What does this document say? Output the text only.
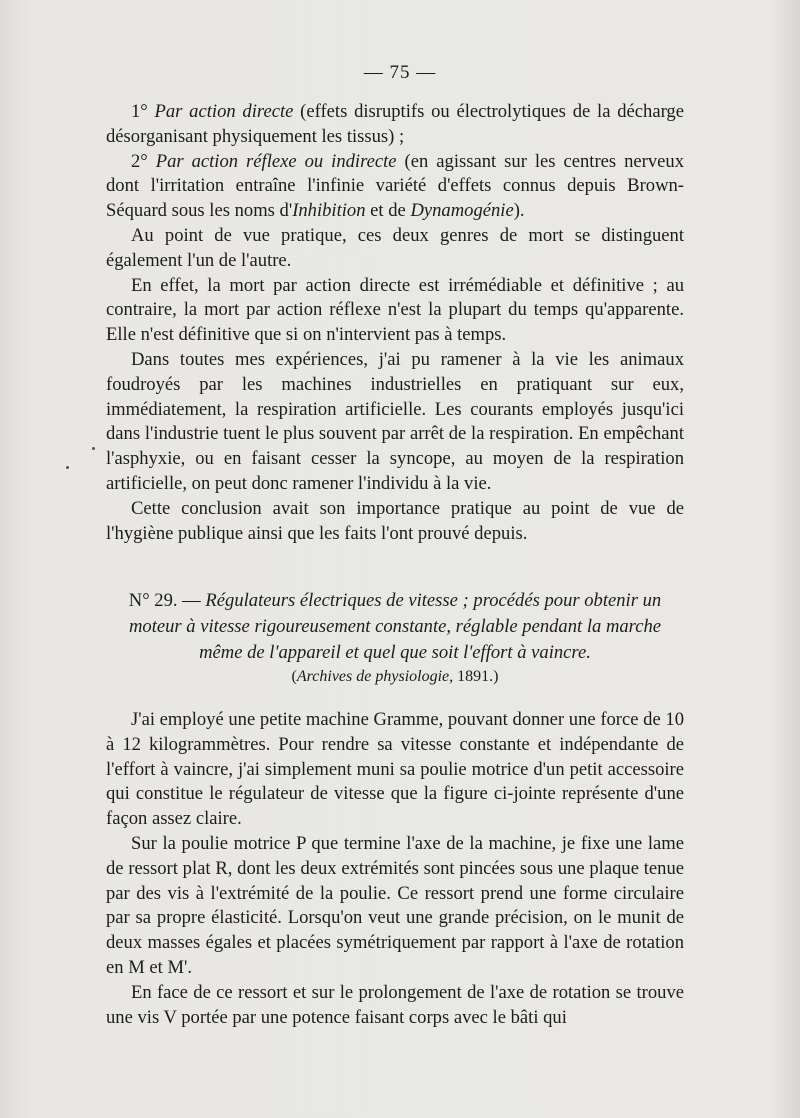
— 75 —

1° Par action directe (effets disruptifs ou électrolytiques de la décharge désorganisant physiquement les tissus) ;

2° Par action réflexe ou indirecte (en agissant sur les centres nerveux dont l'irritation entraîne l'infinie variété d'effets connus depuis Brown-Séquard sous les noms d'Inhibition et de Dynamogénie).

Au point de vue pratique, ces deux genres de mort se distinguent également l'un de l'autre.

En effet, la mort par action directe est irrémédiable et définitive ; au contraire, la mort par action réflexe n'est la plupart du temps qu'apparente. Elle n'est définitive que si on n'intervient pas à temps.

Dans toutes mes expériences, j'ai pu ramener à la vie les animaux foudroyés par les machines industrielles en pratiquant sur eux, immédiatement, la respiration artificielle. Les courants employés jusqu'ici dans l'industrie tuent le plus souvent par arrêt de la respiration. En empêchant l'asphyxie, ou en faisant cesser la syncope, au moyen de la respiration artificielle, on peut donc ramener l'individu à la vie.

Cette conclusion avait son importance pratique au point de vue de l'hygiène publique ainsi que les faits l'ont prouvé depuis.

N° 29. — Régulateurs électriques de vitesse ; procédés pour obtenir un moteur à vitesse rigoureusement constante, réglable pendant la marche même de l'appareil et quel que soit l'effort à vaincre.
(Archives de physiologie, 1891.)

J'ai employé une petite machine Gramme, pouvant donner une force de 10 à 12 kilogrammètres. Pour rendre sa vitesse constante et indépendante de l'effort à vaincre, j'ai simplement muni sa poulie motrice d'un petit accessoire qui constitue le régulateur de vitesse que la figure ci-jointe représente d'une façon assez claire.

Sur la poulie motrice P que termine l'axe de la machine, je fixe une lame de ressort plat R, dont les deux extrémités sont pincées sous une plaque tenue par des vis à l'extrémité de la poulie. Ce ressort prend une forme circulaire par sa propre élasticité. Lorsqu'on veut une grande précision, on le munit de deux masses égales et placées symétriquement par rapport à l'axe de rotation en M et M'.

En face de ce ressort et sur le prolongement de l'axe de rotation se trouve une vis V portée par une potence faisant corps avec le bâti qui
